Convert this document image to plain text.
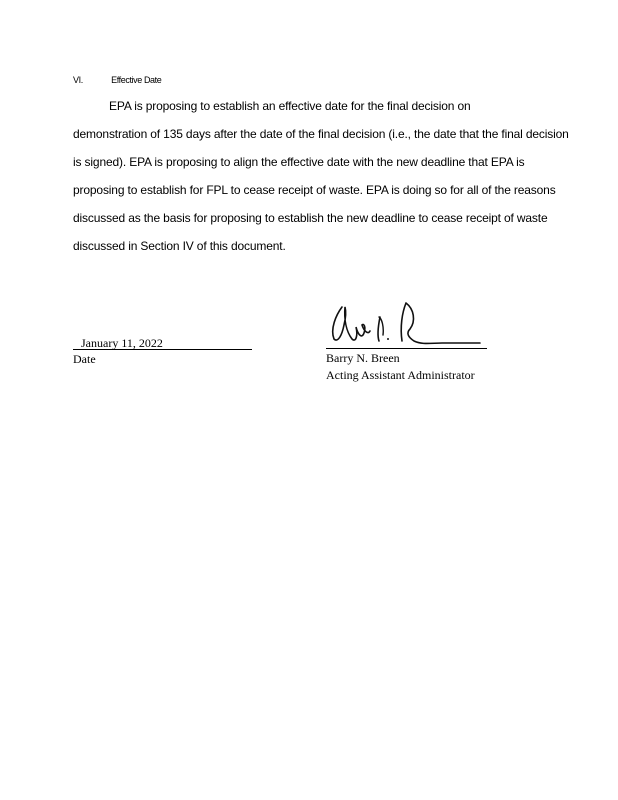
VI.	Effective Date
EPA is proposing to establish an effective date for the final decision on
demonstration of 135 days after the date of the final decision (i.e., the date that the final decision
is signed). EPA is proposing to align the effective date with the new deadline that EPA is
proposing to establish for FPL to cease receipt of waste. EPA is doing so for all of the reasons
discussed as the basis for proposing to establish the new deadline to cease receipt of waste
discussed in Section IV of this document.
January 11, 2022
Date	Barry N. Breen
Acting Assistant Administrator
